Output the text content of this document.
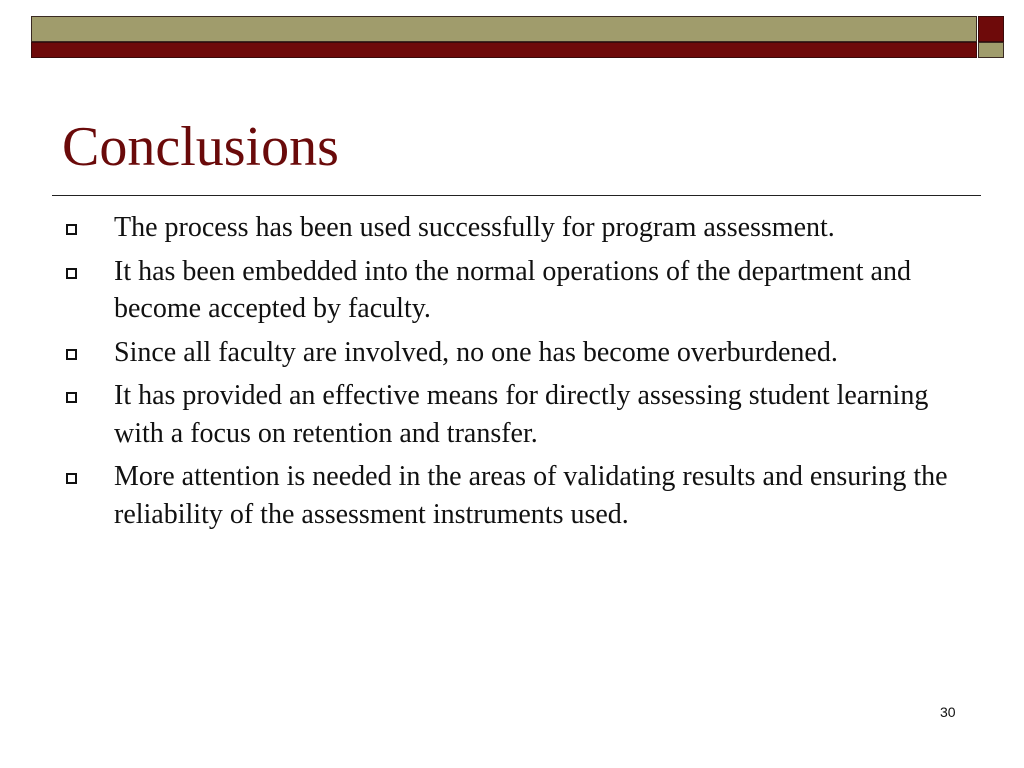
Conclusions
The process has been used successfully for program assessment.
It has been embedded into the normal operations of the department and become accepted by faculty.
Since all faculty are involved, no one has become overburdened.
It has provided an effective means for directly assessing student learning with a focus on retention and transfer.
More attention is needed in the areas of validating results and ensuring the reliability of the assessment instruments used.
30
